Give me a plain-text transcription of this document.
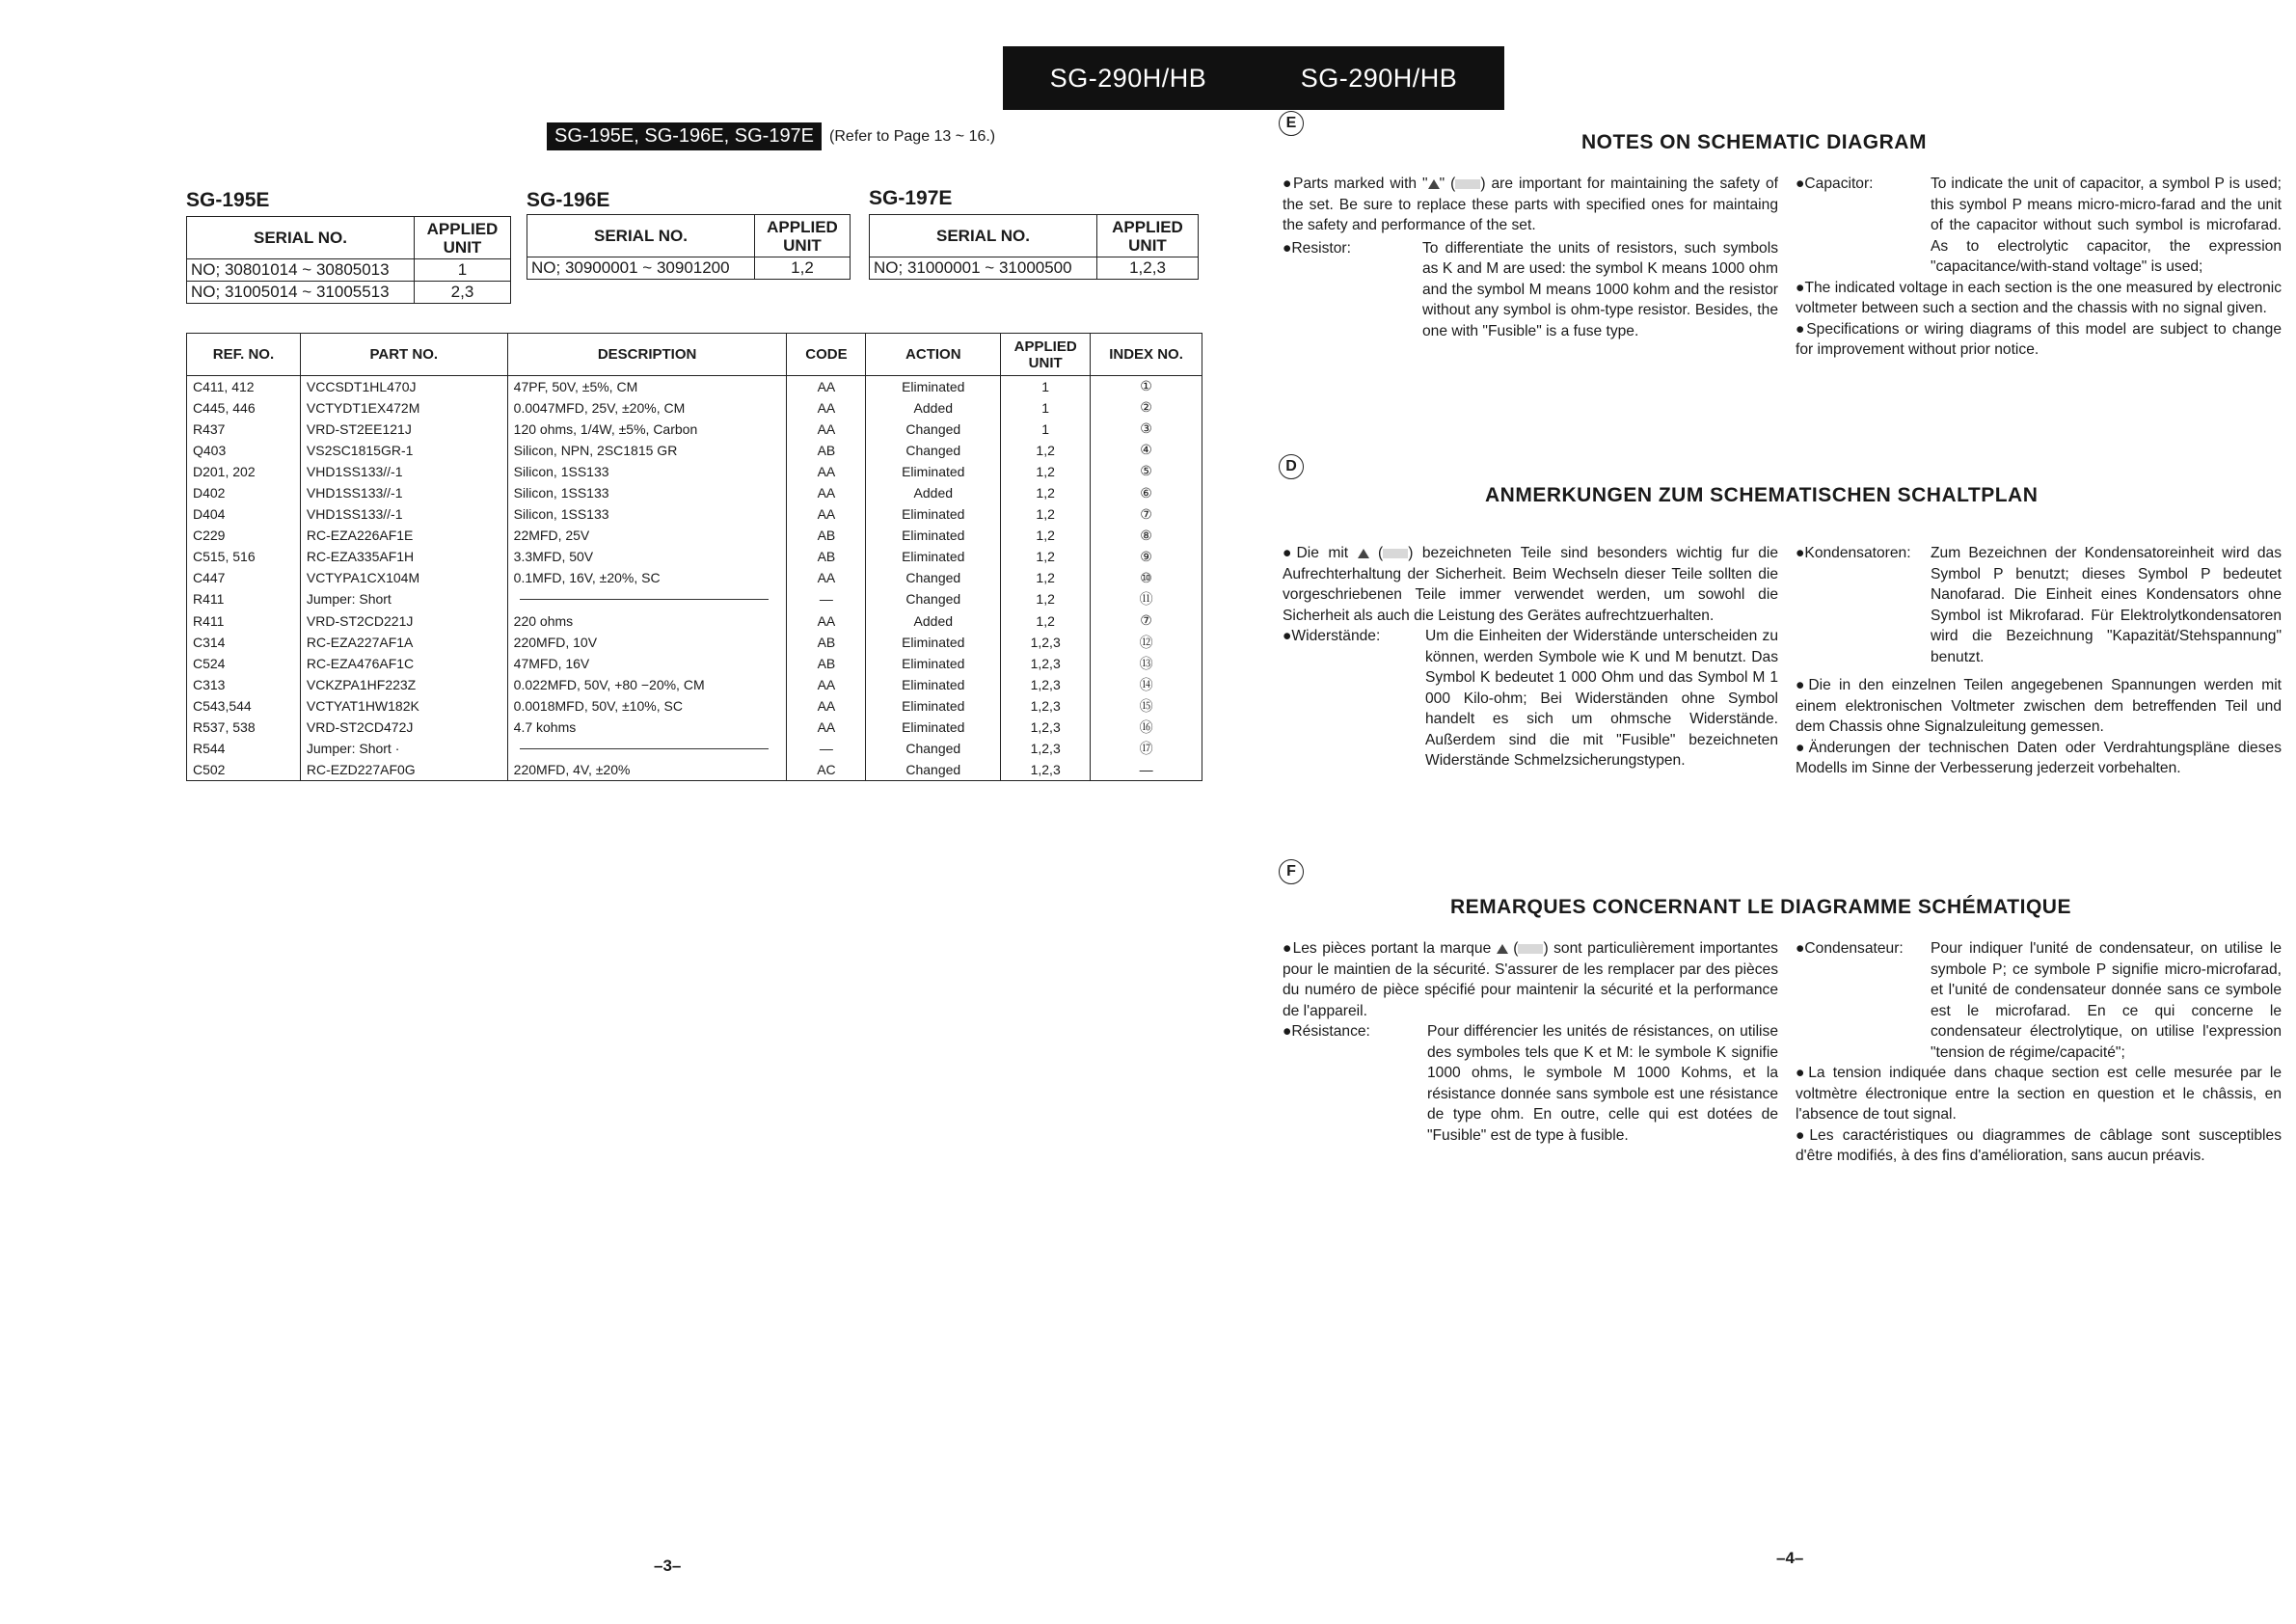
SG-290H/HB	SG-290H/HB
SG-195E, SG-196E, SG-197E	(Refer to Page 13 ~ 16.)
SG-195E
SERIAL NO.	APPLIED UNIT
NO; 30801014 ~ 30805013	1
NO; 31005014 ~ 31005513	2,3
SG-196E
SERIAL NO.	APPLIED UNIT
NO; 30900001 ~ 30901200	1,2
SG-197E
SERIAL NO.	APPLIED UNIT
NO; 31000001 ~ 31000500	1,2,3
REF. NO.	PART NO.	DESCRIPTION	CODE	ACTION	APPLIED UNIT	INDEX NO.
C411, 412	VCCSDT1HL470J	47PF, 50V, ±5%, CM	AA	Eliminated	1	①
C445, 446	VCTYDT1EX472M	0.0047MFD, 25V, ±20%, CM	AA	Added	1	②
R437	VRD-ST2EE121J	120 ohms, 1/4W, ±5%, Carbon	AA	Changed	1	③
Q403	VS2SC1815GR-1	Silicon, NPN, 2SC1815 GR	AB	Changed	1,2	④
D201, 202	VHD1SS133//-1	Silicon, 1SS133	AA	Eliminated	1,2	⑤
D402	VHD1SS133//-1	Silicon, 1SS133	AA	Added	1,2	⑥
D404	VHD1SS133//-1	Silicon, 1SS133	AA	Eliminated	1,2	⑦
C229	RC-EZA226AF1E	22MFD, 25V	AB	Eliminated	1,2	⑧
C515, 516	RC-EZA335AF1H	3.3MFD, 50V	AB	Eliminated	1,2	⑨
C447	VCTYPA1CX104M	0.1MFD, 16V, ±20%, SC	AA	Changed	1,2	⑩
R411	Jumper: Short		—	Changed	1,2	⑪
R411	VRD-ST2CD221J	220 ohms	AA	Added	1,2	⑦
C314	RC-EZA227AF1A	220MFD, 10V	AB	Eliminated	1,2,3	⑫
C524	RC-EZA476AF1C	47MFD, 16V	AB	Eliminated	1,2,3	⑬
C313	VCKZPA1HF223Z	0.022MFD, 50V, +80 −20%, CM	AA	Eliminated	1,2,3	⑭
C543,544	VCTYAT1HW182K	0.0018MFD, 50V, ±10%, SC	AA	Eliminated	1,2,3	⑮
R537, 538	VRD-ST2CD472J	4.7 kohms	AA	Eliminated	1,2,3	⑯
R544	Jumper: Short ·		—	Changed	1,2,3	⑰
C502	RC-EZD227AF0G	220MFD, 4V, ±20%	AC	Changed	1,2,3	—
–3–
E
NOTES ON SCHEMATIC DIAGRAM

●Parts marked with " " ( ) are important for maintaining the safety of the set. Be sure to replace these parts with specified ones for maintaing the safety and performance of the set.

●Resistor:	To differentiate the units of resistors, such symbols as K and M are used: the symbol K means 1000 ohm and the symbol M means 1000 kohm and the resistor without any symbol is ohm-type resistor. Besides, the one with "Fusible" is a fuse type.
●Capacitor:	To indicate the unit of capacitor, a symbol P is used; this symbol P means micro-micro-farad and the unit of the capacitor without such symbol is microfarad. As to electrolytic capacitor, the expression "capacitance/with-stand voltage" is used;

●The indicated voltage in each section is the one measured by electronic voltmeter between such a section and the chassis with no signal given.

●Specifications or wiring diagrams of this model are subject to change for improvement without prior notice.

D
ANMERKUNGEN ZUM SCHEMATISCHEN SCHALTPLAN

●Die mit ( ) bezeichneten Teile sind besonders wichtig fur die Aufrechterhaltung der Sicherheit. Beim Wechseln dieser Teile sollten die vorgeschriebenen Teile immer verwendet werden, um sowohl die Sicherheit als auch die Leistung des Gerätes aufrechtzuerhalten.

●Widerstände:	Um die Einheiten der Widerstände unterscheiden zu können, werden Symbole wie K und M benutzt. Das Symbol K bedeutet 1 000 Ohm und das Symbol M 1 000 Kilo-ohm; Bei Widerständen ohne Symbol handelt es sich um ohmsche Widerstände. Außerdem sind die mit "Fusible" bezeichneten Widerstände Schmelzsicherungstypen.
●Kondensatoren:	Zum Bezeichnen der Kondensatoreinheit wird das Symbol P benutzt; dieses Symbol P bedeutet Nanofarad. Die Einheit eines Kondensators ohne Symbol ist Mikrofarad. Für Elektrolytkondensatoren wird die Bezeichnung "Kapazität/Stehspannung" benutzt.

●Die in den einzelnen Teilen angegebenen Spannungen werden mit einem elektronischen Voltmeter zwischen dem betreffenden Teil und dem Chassis ohne Signalzuleitung gemessen.

●Änderungen der technischen Daten oder Verdrahtungspläne dieses Modells im Sinne der Verbesserung jederzeit vorbehalten.

F
REMARQUES CONCERNANT LE DIAGRAMME SCHÉMATIQUE

●Les pièces portant la marque ( ) sont particulièrement importantes pour le maintien de la sécurité. S'assurer de les remplacer par des pièces du numéro de pièce spécifié pour maintenir la sécurité et la performance de l'appareil.

●Résistance:	Pour différencier les unités de résistances, on utilise des symboles tels que K et M: le symbole K signifie 1000 ohms, le symbole M 1000 Kohms, et la résistance donnée sans symbole est une résistance de type ohm. En outre, celle qui est dotées de "Fusible" est de type à fusible.
●Condensateur:	Pour indiquer l'unité de condensateur, on utilise le symbole P; ce symbole P signifie micro-microfarad, et l'unité de condensateur donnée sans ce symbole est le microfarad. En ce qui concerne le condensateur électrolytique, on utilise l'expression "tension de régime/capacité";

●La tension indiquée dans chaque section est celle mesurée par le voltmètre électronique entre la section en question et le châssis, en l'absence de tout signal.

●Les caractéristiques ou diagrammes de câblage sont susceptibles d'être modifiés, à des fins d'amélioration, sans aucun préavis.

–4–
